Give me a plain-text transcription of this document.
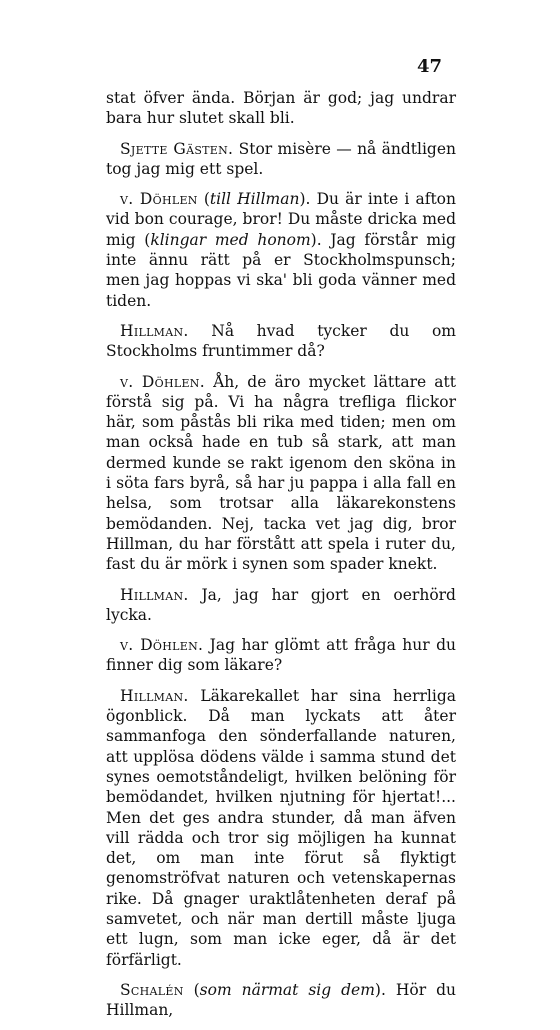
47

stat öfver ända. Början är god; jag undrar bara hur slutet skall bli.

Sjette Gästen. Stor misère — nå ändtligen tog jag mig ett spel.

v. Döhlen (till Hillman). Du är inte i afton vid bon courage, bror! Du måste dricka med mig (klingar med honom). Jag förstår mig inte ännu rätt på er Stockholmspunsch; men jag hoppas vi ska' bli goda vänner med tiden.

Hillman. Nå hvad tycker du om Stockholms fruntimmer då?

v. Döhlen. Åh, de äro mycket lättare att förstå sig på. Vi ha några trefliga flickor här, som påstås bli rika med tiden; men om man också hade en tub så stark, att man dermed kunde se rakt igenom den sköna in i söta fars byrå, så har ju pappa i alla fall en helsa, som trotsar alla läkarekonstens bemödanden. Nej, tacka vet jag dig, bror Hillman, du har förstått att spela i ruter du, fast du är mörk i synen som spader knekt.

Hillman. Ja, jag har gjort en oerhörd lycka.

v. Döhlen. Jag har glömt att fråga hur du finner dig som läkare?

Hillman. Läkarekallet har sina herrliga ögonblick. Då man lyckats att åter sammanfoga den sönderfallande naturen, att upplösa dödens välde i samma stund det synes oemotståndeligt, hvilken belöning för bemödandet, hvilken njutning för hjertat!... Men det ges andra stunder, då man äfven vill rädda och tror sig möjligen ha kunnat det, om man inte förut så flyktigt genomströfvat naturen och vetenskapernas rike. Då gnager uraktlåtenheten deraf på samvetet, och när man dertill måste ljuga ett lugn, som man icke eger, då är det förfärligt.

Schalén (som närmat sig dem). Hör du Hillman,
